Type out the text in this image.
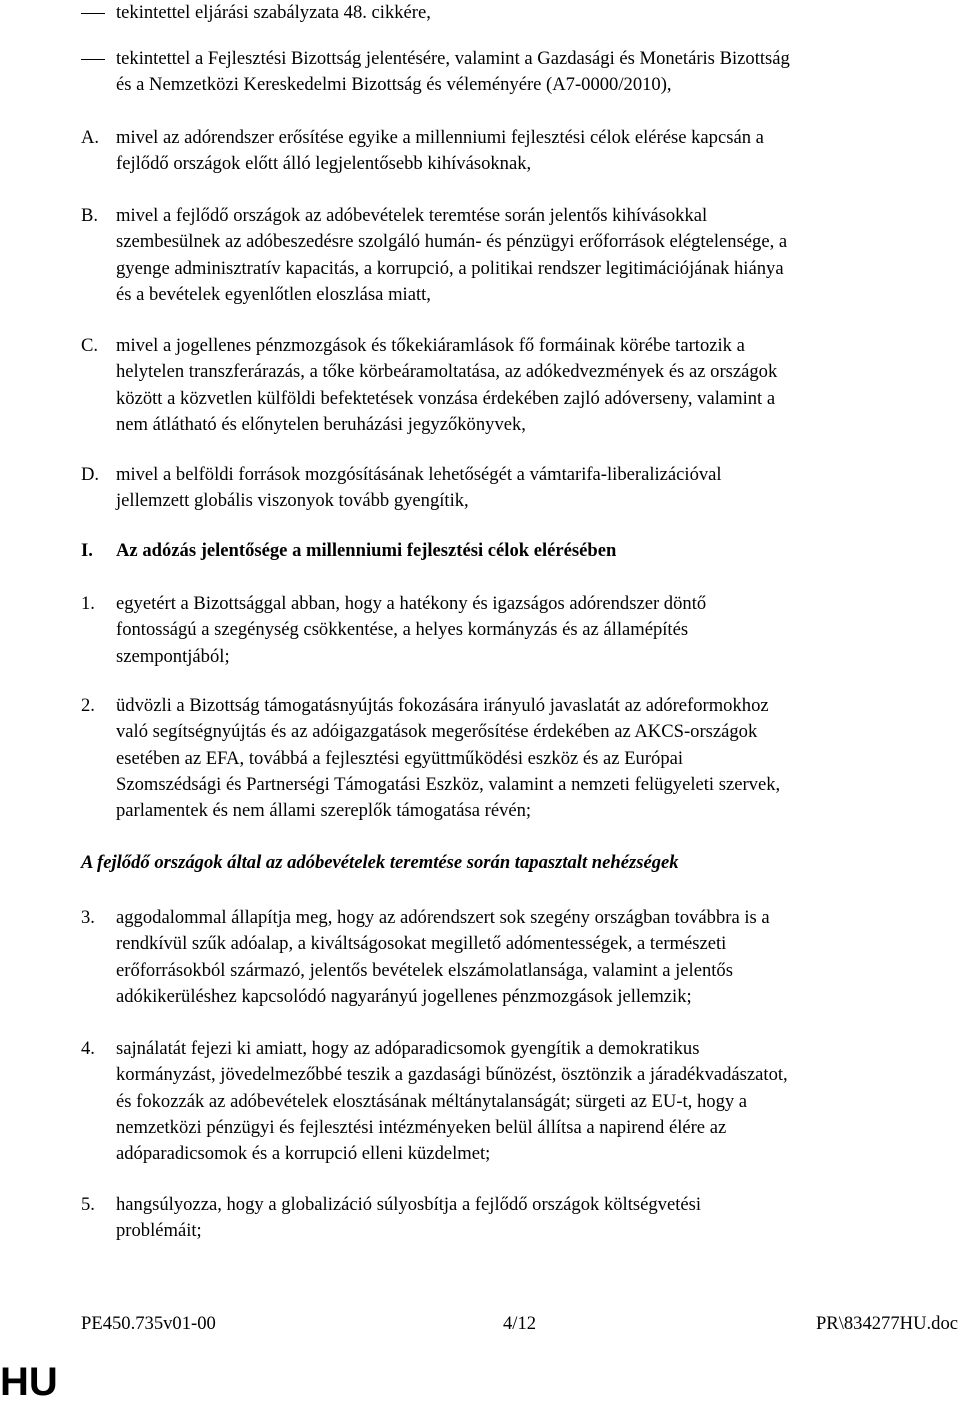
tekintettel eljárási szabályzata 48. cikkére,
tekintettel a Fejlesztési Bizottság jelentésére, valamint a Gazdasági és Monetáris Bizottság
és a Nemzetközi Kereskedelmi Bizottság és véleményére (A7-0000/2010),
A. mivel az adórendszer erősítése egyike a millenniumi fejlesztési célok elérése kapcsán a
fejlődő országok előtt álló legjelentősebb kihívásoknak,
B. mivel a fejlődő országok az adóbevételek teremtése során jelentős kihívásokkal
szembesülnek az adóbeszedésre szolgáló humán- és pénzügyi erőforrások elégtelensége, a
gyenge adminisztratív kapacitás, a korrupció, a politikai rendszer legitimációjának hiánya
és a bevételek egyenlőtlen eloszlása miatt,
C. mivel a jogellenes pénzmozgások és tőkekiáramlások fő formáinak körébe tartozik a
helytelen transzferárazás, a tőke körbeáramoltatása, az adókedvezmények és az országok
között a közvetlen külföldi befektetések vonzása érdekében zajló adóverseny, valamint a
nem átlátható és előnytelen beruházási jegyzőkönyvek,
D. mivel a belföldi források mozgósításának lehetőségét a vámtarifa-liberalizációval
jellemzett globális viszonyok tovább gyengítik,
I. Az adózás jelentősége a millenniumi fejlesztési célok elérésében
1. egyetért a Bizottsággal abban, hogy a hatékony és igazságos adórendszer döntő
fontosságú a szegénység csökkentése, a helyes kormányzás és az államépítés
szempontjából;
2. üdvözli a Bizottság támogatásnyújtás fokozására irányuló javaslatát az adóreformokhoz
való segítségnyújtás és az adóigazgatások megerősítése érdekében az AKCS-országok
esetében az EFA, továbbá a fejlesztési együttműködési eszköz és az Európai
Szomszédsági és Partnerségi Támogatási Eszköz, valamint a nemzeti felügyeleti szervek,
parlamentek és nem állami szereplők támogatása révén;
A fejlődő országok által az adóbevételek teremtése során tapasztalt nehézségek
3. aggodalommal állapítja meg, hogy az adórendszert sok szegény országban továbbra is a
rendkívül szűk adóalap, a kiváltságosokat megillető adómentességek, a természeti
erőforrásokból származó, jelentős bevételek elszámolatlansága, valamint a jelentős
adókikerüléshez kapcsolódó nagyarányú jogellenes pénzmozgások jellemzik;
4. sajnálatát fejezi ki amiatt, hogy az adóparadicsomok gyengítik a demokratikus
kormányzást, jövedelmezőbbé teszik a gazdasági bűnözést, ösztönzik a járadékvadászatot,
és fokozzák az adóbevételek elosztásának méltánytalanságát; sürgeti az EU-t, hogy a
nemzetközi pénzügyi és fejlesztési intézményeken belül állítsa a napirend élére az
adóparadicsomok és a korrupció elleni küzdelmet;
5. hangsúlyozza, hogy a globalizáció súlyosbítja a fejlődő országok költségvetési
problémáit;
PE450.735v01-00	4/12	PR\834277HU.doc
HU
